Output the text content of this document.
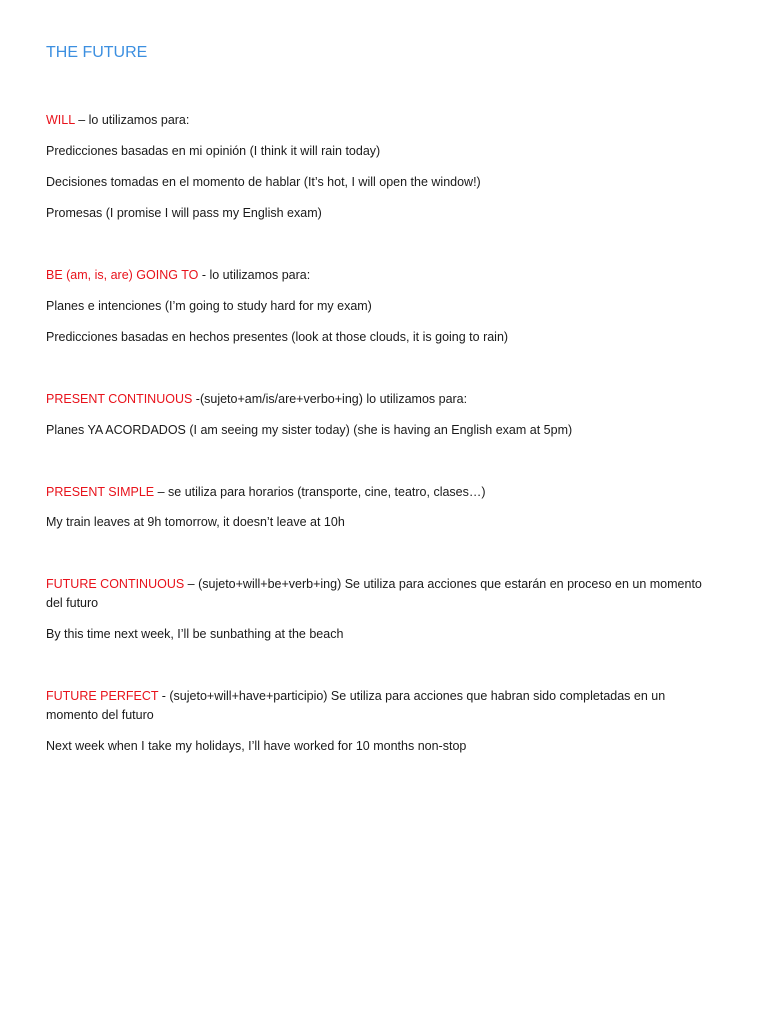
THE FUTURE
WILL – lo utilizamos para:
Predicciones basadas en mi opinión (I think it will rain today)
Decisiones tomadas en el momento de hablar (It’s hot, I will open the window!)
Promesas (I promise I will pass my English exam)
BE (am, is, are) GOING TO - lo utilizamos para:
Planes e intenciones (I’m going to study hard for my exam)
Predicciones basadas en hechos presentes (look at those clouds, it is going to rain)
PRESENT CONTINUOUS -(sujeto+am/is/are+verbo+ing) lo utilizamos para:
Planes YA ACORDADOS (I am seeing my sister today) (she is having an English exam at 5pm)
PRESENT SIMPLE – se utiliza para horarios (transporte, cine, teatro, clases…)
My train leaves at 9h tomorrow, it doesn’t leave at 10h
FUTURE CONTINUOUS – (sujeto+will+be+verb+ing) Se utiliza para acciones que estarán en proceso en un momento del futuro
By this time next week, I’ll be sunbathing at the beach
FUTURE PERFECT - (sujeto+will+have+participio) Se utiliza para acciones que habran sido completadas en un momento del futuro
Next week when I take my holidays, I’ll have worked for 10 months non-stop
